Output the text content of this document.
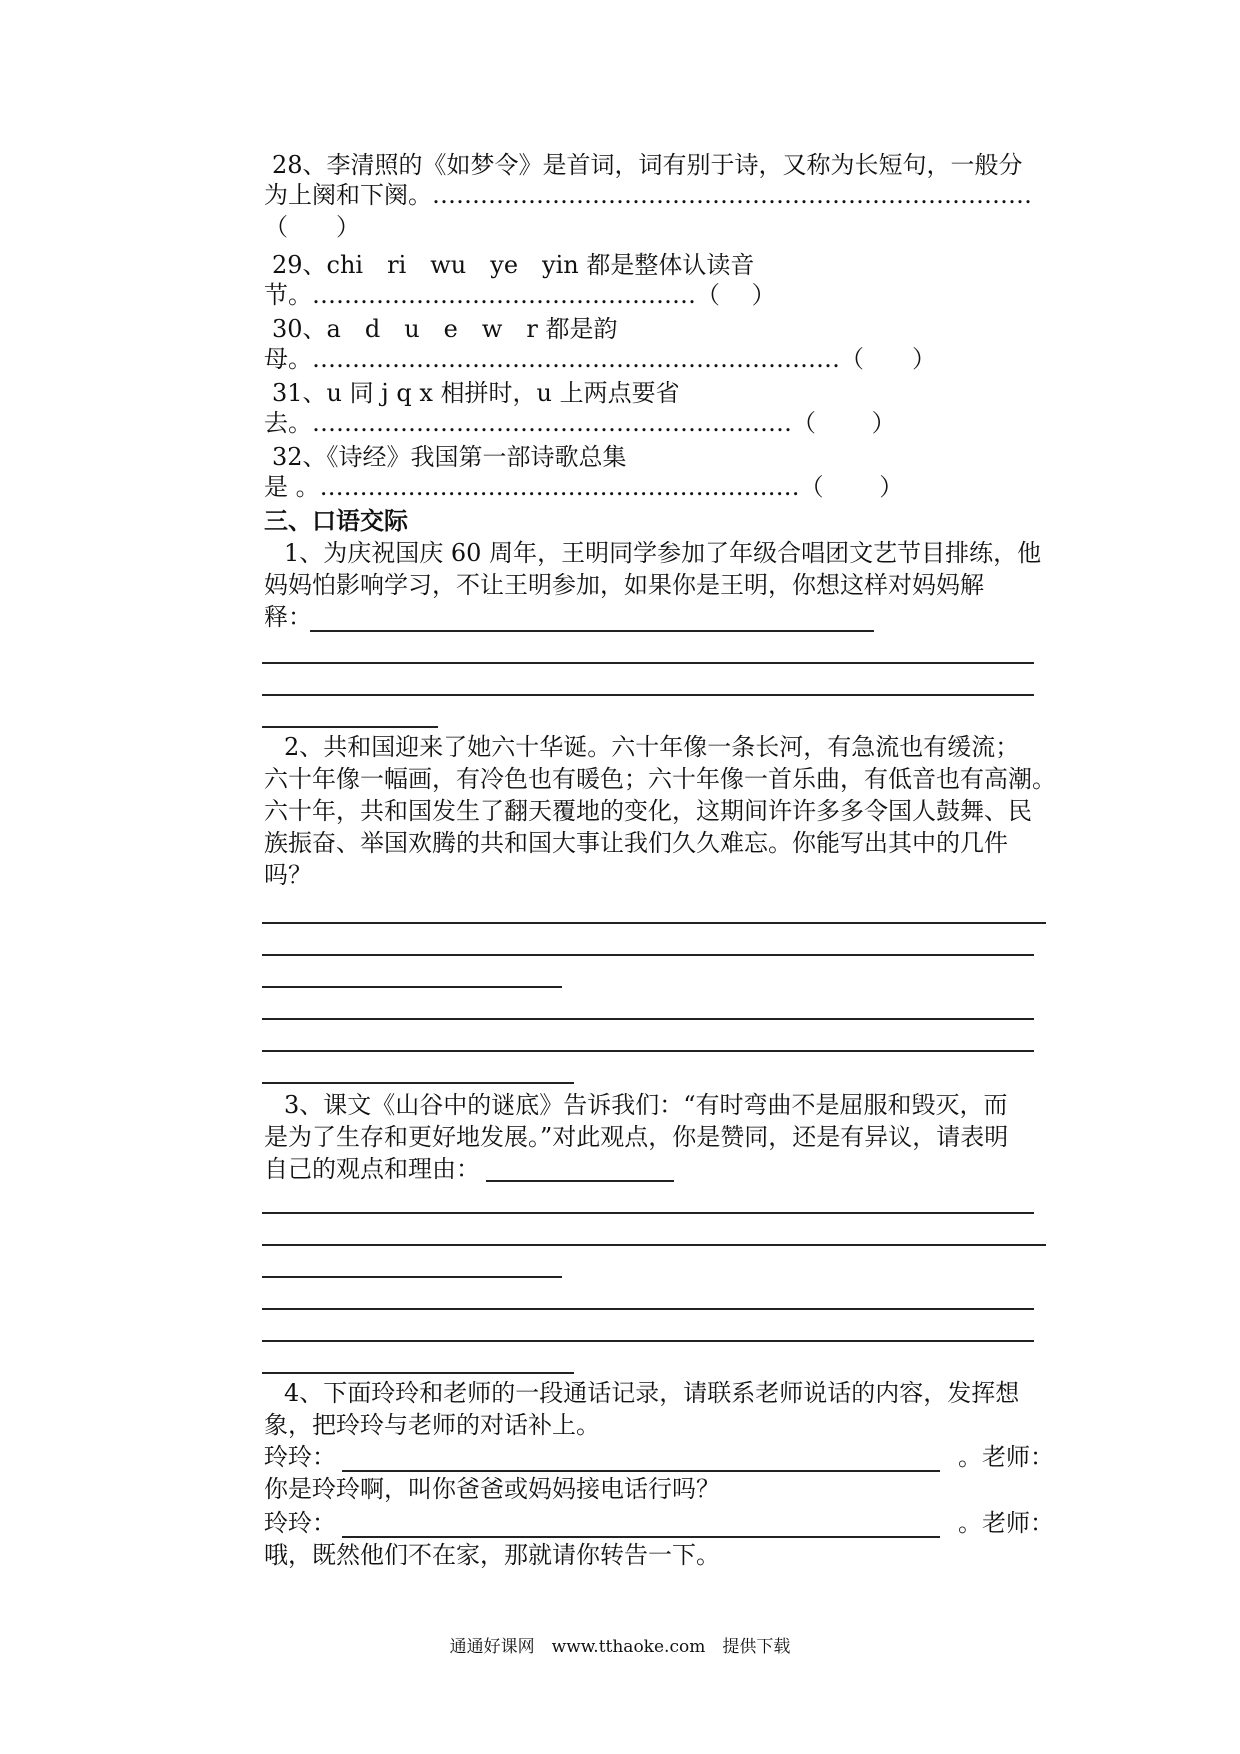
28、李清照的《如梦令》是首词，词有别于诗，又称为长短句，一般分
为上阕和下阕。…………………………………………………………………
（　　）
29、chi　ri　wu　ye　yin 都是整体认读音
节。…………………………………………（　 ）
30、a　d　u　e　w　r 都是韵
母。…………………………………………………………（　　）
31、u 同 j q x 相拼时，u 上两点要省
去。……………………………………………………（　　 ）
32、《诗经》我国第一部诗歌总集
是 。……………………………………………………（　　 ）
三、口语交际
1、为庆祝国庆 60 周年，王明同学参加了年级合唱团文艺节目排练，他
妈妈怕影响学习，不让王明参加，如果你是王明，你想这样对妈妈解
释：
2、共和国迎来了她六十华诞。六十年像一条长河，有急流也有缓流；
六十年像一幅画，有冷色也有暖色；六十年像一首乐曲，有低音也有高潮。
六十年，共和国发生了翻天覆地的变化，这期间许许多多令国人鼓舞、民
族振奋、举国欢腾的共和国大事让我们久久难忘。你能写出其中的几件
吗？
3、课文《山谷中的谜底》告诉我们：“有时弯曲不是屈服和毁灭，而
是为了生存和更好地发展。”对此观点，你是赞同，还是有异议，请表明
自己的观点和理由：
4、下面玲玲和老师的一段通话记录，请联系老师说话的内容，发挥想
象，把玲玲与老师的对话补上。
玲玲：	。老师：
你是玲玲啊，叫你爸爸或妈妈接电话行吗？
玲玲：	。老师：
哦，既然他们不在家，那就请你转告一下。
通通好课网　www.tthaoke.com　提供下载
